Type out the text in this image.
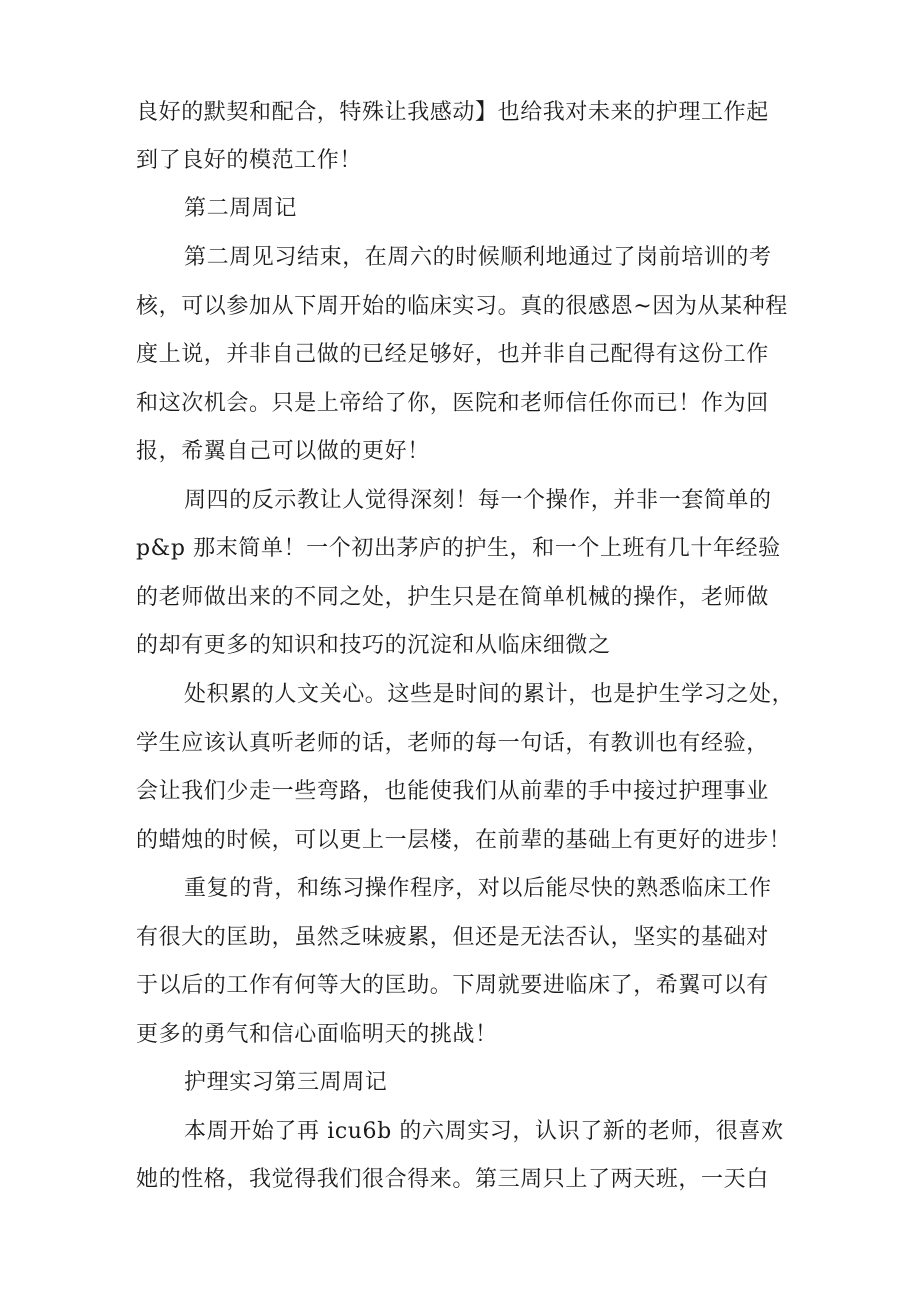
良好的默契和配合，特殊让我感动】也给我对未来的护理工作起
到了良好的模范工作！
第二周周记
第二周见习结束，在周六的时候顺利地通过了岗前培训的考
核，可以参加从下周开始的临床实习。真的很感恩~因为从某种程
度上说，并非自己做的已经足够好，也并非自己配得有这份工作
和这次机会。只是上帝给了你，医院和老师信任你而已！作为回
报，希翼自己可以做的更好！
周四的反示教让人觉得深刻！每一个操作，并非一套简单的
p&p 那末简单！一个初出茅庐的护生，和一个上班有几十年经验
的老师做出来的不同之处，护生只是在简单机械的操作，老师做
的却有更多的知识和技巧的沉淀和从临床细微之
处积累的人文关心。这些是时间的累计，也是护生学习之处，
学生应该认真听老师的话，老师的每一句话，有教训也有经验，
会让我们少走一些弯路，也能使我们从前辈的手中接过护理事业
的蜡烛的时候，可以更上一层楼，在前辈的基础上有更好的进步！
重复的背，和练习操作程序，对以后能尽快的熟悉临床工作
有很大的匡助，虽然乏味疲累，但还是无法否认，坚实的基础对
于以后的工作有何等大的匡助。下周就要进临床了，希翼可以有
更多的勇气和信心面临明天的挑战！
护理实习第三周周记
本周开始了再 icu6b 的六周实习，认识了新的老师，很喜欢
她的性格，我觉得我们很合得来。第三周只上了两天班，一天白
